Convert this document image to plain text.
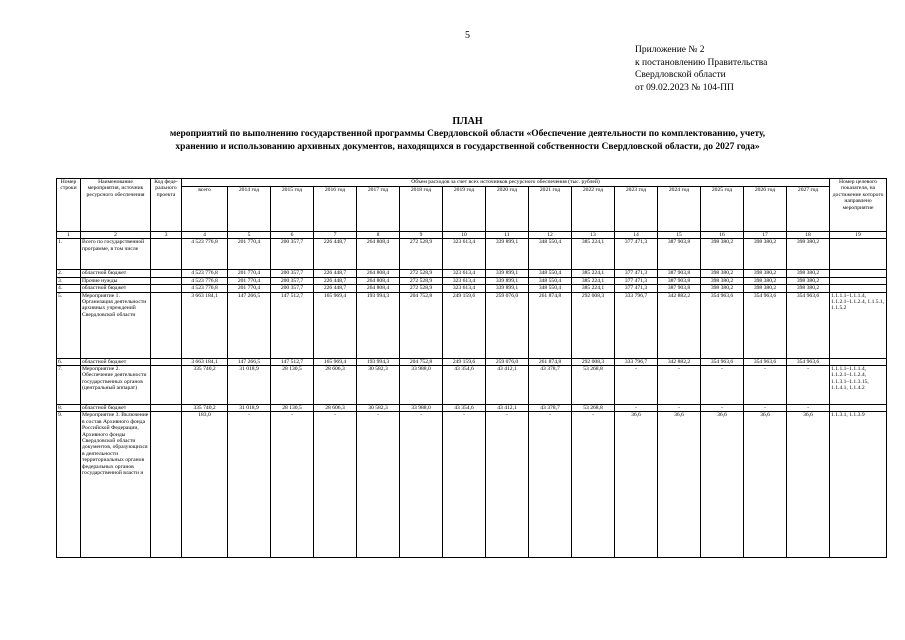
5
Приложение № 2
к постановлению Правительства
Свердловской области
от 09.02.2023 № 104-ПП
ПЛАН
мероприятий по выполнению государственной программы Свердловской области «Обеспечение деятельности по комплектованию, учету,
хранению и использованию архивных документов, находящихся в государственной собственности Свердловской области, до 2027 года»
Номер строки	Наименование мероприятия, источник ресурсного обеспечения	Код феде-рального проекта	Объем расходов за счет всех источников ресурсного обеспечения (тыс. рублей)															Номер целевого показателя, на достижение которого направлено мероприятие
			всего	2014 год	2015 год	2016 год	2017 год	2018 год	2019 год	2020 год	2021 год	2022 год	2023 год	2024 год	2025 год	2026 год	2027 год	
1	2	3	4	5	6	7	8	9	10	11	12	13	14	15	16	17	18	19
1.	Всего по государственной программе, в том числе		4 523 776,8	201 770,4	200 357,7	226 448,7	264 808,4	272 528,9	323 613,4	339 899,1	348 550,4	385 224,1	377 471,3	387 903,8	398 380,2	398 380,2	398 380,2	
2.	областной бюджет		4 523 776,8	201 770,4	200 357,7	226 448,7	264 808,4	272 528,9	323 613,4	339 899,1	348 550,4	385 224,1	377 471,3	387 903,8	398 380,2	398 380,2	398 380,2	
3.	Прочие нужды		4 523 776,8	201 770,4	200 357,7	226 448,7	264 808,4	272 528,9	323 613,4	339 899,1	348 550,4	385 224,1	377 471,3	387 903,8	398 380,2	398 380,2	398 380,2	
4.	областной бюджет		4 523 776,8	201 770,4	200 357,7	226 448,7	264 808,4	272 528,9	323 613,4	339 899,1	348 550,4	385 224,1	377 471,3	387 903,8	398 380,2	398 380,2	398 380,2	
5.	Мероприятие 1. Организация деятельности архивных учреждений Свердловской области		3 663 184,1	147 266,5	147 512,7	165 969,4	193 994,3	204 752,8	249 159,6	259 076,0	261 874,8	292 008,3	333 796,7	342 882,2	354 963,6	354 963,6	354 963,6	1.1.1.1–1.1.1.4, 1.1.2.1–1.1.2.4, 1.1.5.1, 1.1.5.2
6.	областной бюджет		3 663 184,1	147 266,5	147 512,7	165 969,4	193 994,3	204 752,8	249 159,6	259 076,0	261 874,8	292 008,3	333 796,7	342 882,2	354 963,6	354 963,6	354 963,6	
7.	Мероприятие 2. Обеспечение деятельности государственных органов (центральный аппарат)		335 740,2	31 018,9	28 130,5	28 606,3	30 582,3	33 988,0	43 354,6	43 412,1	43 378,7	53 268,8	-	-	-	-	-	1.1.1.1–1.1.1.4, 1.1.2.1–1.1.2.4, 1.1.3.1–1.1.3.15, 1.1.4.1, 1.1.4.2
8.	областной бюджет		335 740,2	31 018,9	28 130,5	28 606,3	30 582,3	33 988,0	43 354,6	43 412,1	43 378,7	53 268,8	-	-	-	-	-	
9.	Мероприятие 3. Включение в состав Архивного фонда Российской Федерации, Архивного фонды Свердловской области документов, образующихся в деятельности территориальных органов федеральных органов государственной власти и		183,0	-	-	-	-	-	-	-	-	-	36,6	36,6	36,6	36,6	36,6	1.1.3.1, 1.1.3.9
